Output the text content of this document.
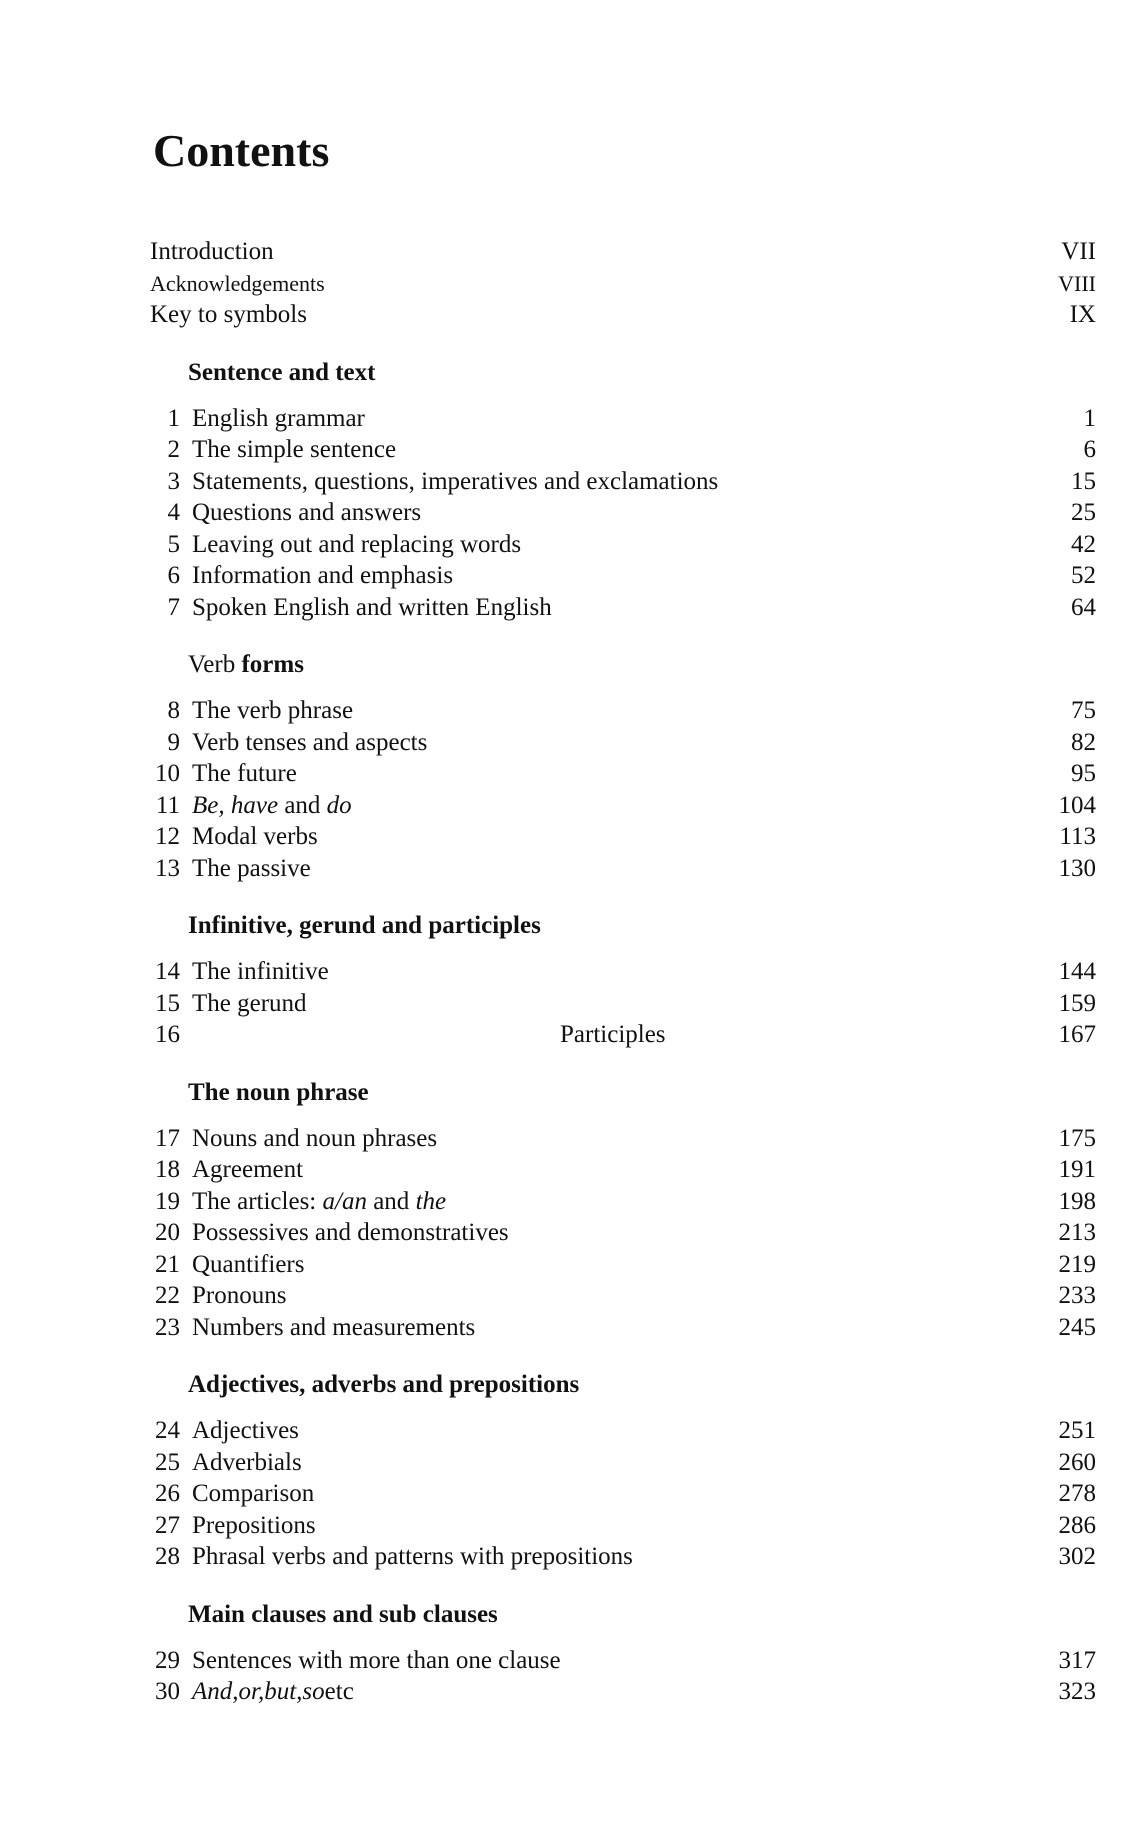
Contents
Introduction	VII
Acknowledgements	VIII
Key to symbols	IX
Sentence and text
1 English grammar	1
2 The simple sentence	6
3 Statements, questions, imperatives and exclamations	15
4 Questions and answers	25
5 Leaving out and replacing words	42
6 Information and emphasis	52
7 Spoken English and written English	64
Verb forms
8 The verb phrase	75
9 Verb tenses and aspects	82
10 The future	95
11 Be, have and do	104
12 Modal verbs	113
13 The passive	130
Infinitive, gerund and participles
14 The infinitive	144
15 The gerund	159
16	Participles	167
The noun phrase
17 Nouns and noun phrases	175
18 Agreement	191
19 The articles: a/an and the	198
20 Possessives and demonstratives	213
21 Quantifiers	219
22 Pronouns	233
23 Numbers and measurements	245
Adjectives, adverbs and prepositions
24 Adjectives	251
25 Adverbials	260
26 Comparison	278
27 Prepositions	286
28 Phrasal verbs and patterns with prepositions	302
Main clauses and sub clauses
29 Sentences with more than one clause	317
30 And,or,but,soetc	323
